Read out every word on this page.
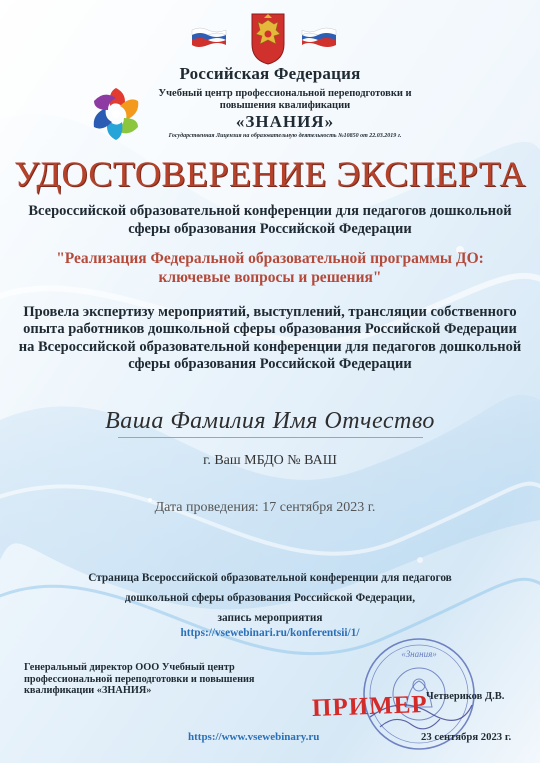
Российская Федерация
Учебный центр профессиональной переподготовки и повышения квалификации
«ЗНАНИЯ»
Государственная Лицензия на образовательную деятельность №10850 от 22.03.2019 г.
УДОСТОВЕРЕНИЕ ЭКСПЕРТА
Всероссийской образовательной конференции для педагогов дошкольной сферы образования Российской Федерации
"Реализация Федеральной образовательной программы ДО: ключевые вопросы и решения"
Провела экспертизу мероприятий, выступлений, трансляции собственного опыта работников дошкольной сферы образования Российской Федерации на Всероссийской образовательной конференции для педагогов дошкольной сферы образования Российской Федерации
Ваша Фамилия Имя Отчество
г. Ваш МБДО № ВАШ
Дата проведения: 17 сентября 2023 г.
Страница Всероссийской образовательной конференции для педагогов
дошкольной сферы образования Российской Федерации,
запись мероприятия
https://vsewebinari.ru/konferentsii/1/
Генеральный директор ООО Учебный центр профессиональной переподготовки и повышения квалификации «ЗНАНИЯ»
«Знания»
ПРИМЕР
Четвериков Д.В.
https://www.vsewebinary.ru	23 сентября 2023 г.
